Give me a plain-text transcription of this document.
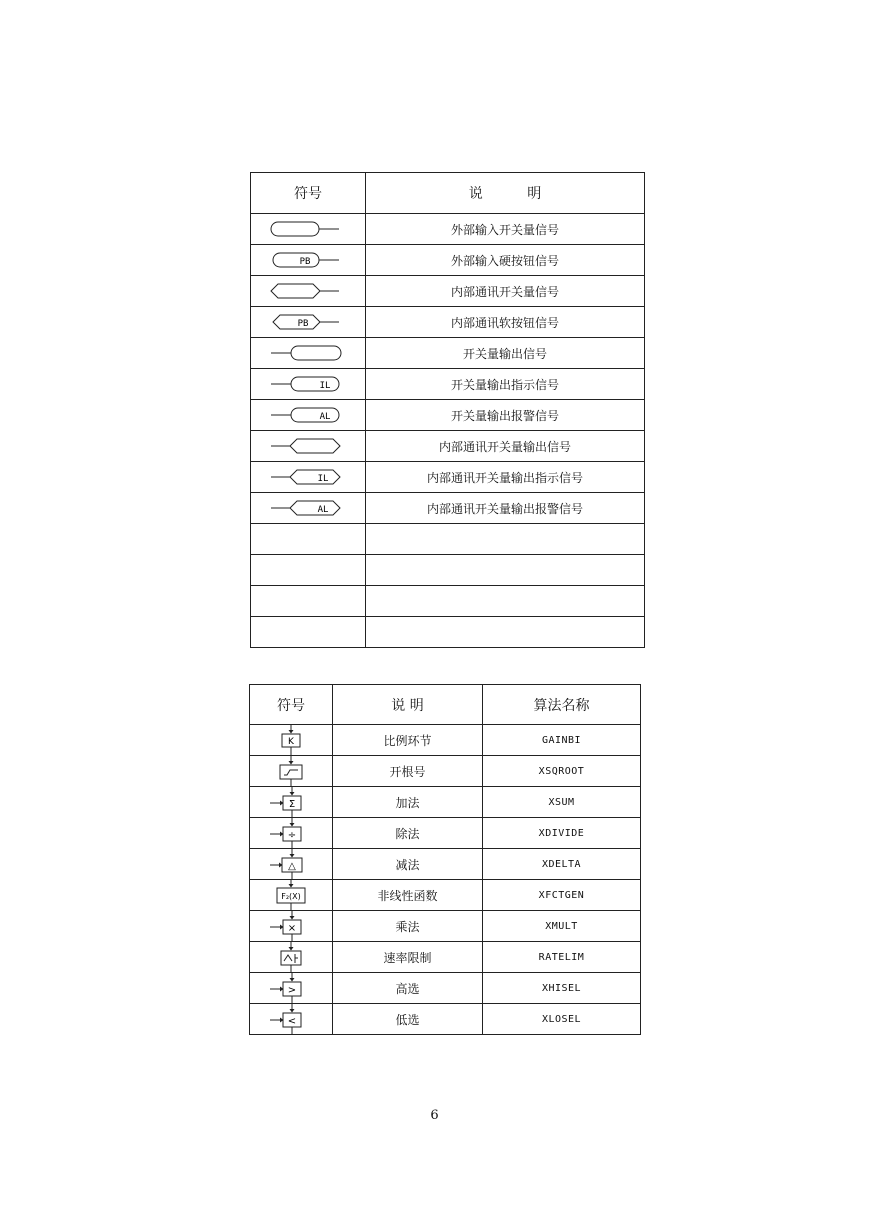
符号	说 明

	外部输入开关量信号

PB	外部输入硬按钮信号

	内部通讯开关量信号

PB	内部通讯软按钮信号

	开关量输出信号

IL	开关量输出指示信号

AL	开关量输出报警信号

	内部通讯开关量输出信号

IL	内部通讯开关量输出指示信号

AL	内部通讯开关量输出报警信号

符号	说 明	算法名称

K	比例环节	GAINBI

	开根号	XSQROOT

Σ	加法	XSUM

÷	除法	XDIVIDE

△	减法	XDELTA

F₂(X)	非线性函数	XFCTGEN

×	乘法	XMULT

	速率限制	RATELIM

>	高选	XHISEL

<	低选	XLOSEL
6
